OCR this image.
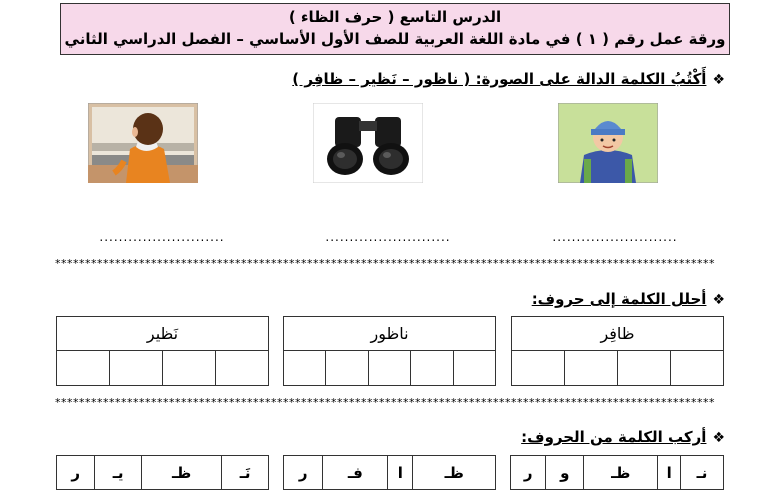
الدرس التاسع ( حرف الظاء )
ورقة عمل رقم ( ١ ) في مادة اللغة العربية للصف الأول الأساسي – الفصل الدراسي الثاني
❖أَكْتُبُ الكلمة الدالة على الصورة: ( ناظور – نَظير – ظافِر )
..........................	..........................	..........................
**************************************************************************************************************
❖أحلل الكلمة إلى حروف:
نَظير
				ناظور
					ظافِر

**************************************************************************************************************
❖أركب الكلمة من الحروف:
نـ	ا	ظـ	و	ر
ظـ	ا	فـ	ر
نَـ	ظـ	يـ	ر
